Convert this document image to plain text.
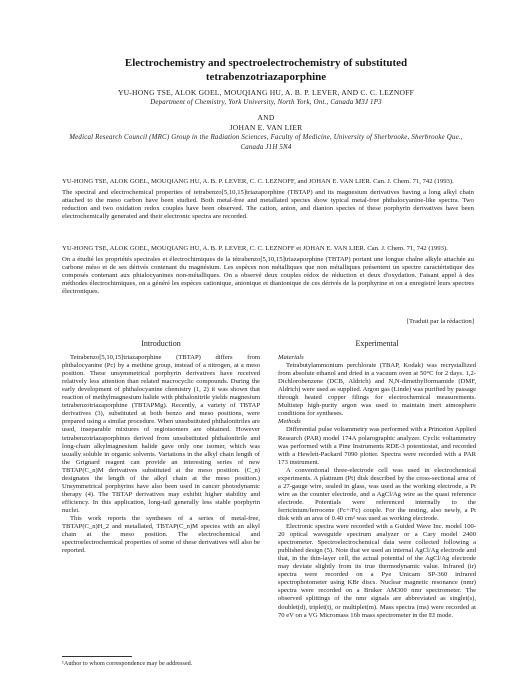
Electrochemistry and spectroelectrochemistry of substituted
tetrabenzotriazaporphine
YU-HONG TSE, ALOK GOEL, MOUQIANG HU, A. B. P. LEVER, AND C. C. LEZNOFF
Department of Chemistry, York University, North York, Ont., Canada M3J 1P3
AND
JOHAN E. VAN LIER
Medical Research Council (MRC) Group in the Radiation Sciences, Faculty of Medicine, University of Sherbrooke, Sherbrooke Que., Canada J1H 5N4

YU-HONG TSE, ALOK GOEL, MOUQIANG HU, A. B. P. LEVER, C. C. LEZNOFF, and JOHAN E. VAN LIER. Can. J. Chem. 71, 742 (1993).

The spectral and electrochemical properties of tetrabenzo[5,10,15]triazaporphine (TBTAP) and its magnesium derivatives having a long alkyl chain attached to the meso carbon have been studied. Both metal-free and metallated species show typical metal-free phthalocyanine-like spectra. Two reduction and two oxidation redox couples have been observed. The cation, anion, and dianion species of these porphyrin derivatives have been electrochemically generated and their electronic spectra are recorded.

YU-HONG TSE, ALOK GOEL, MOUQIANG HU, A. B. P. LEVER, C. C. LEZNOFF et JOHAN E. VAN LIER. Can. J. Chem. 71, 742 (1993).

On a étudié les propriétés spectrales et électrochimiques de la tétrabenzo[5,10,15]triazaporphine (TBTAP) portant une longue chaîne alkyle attachée au carbone méso et de ses dérivés contenant du magnésium. Les espèces non métalliques que non métalliques présentent un spectre caractéristique des composés contenant aux phtalocyanines non-métalliques. On a observé deux couples rédox de réduction et deux d'oxydation. Faisant appel à des méthodes électrochimiques, on a généré les espèces cationique, anionique et dianionique de ces dérivés de la porphyrine et on a enregistré leurs spectres électroniques.

[Traduit par la rédaction]
Introduction

Tetrabenzo[5,10,15]triazaporphine (TBTAP) differs from phthalocyanine (Pc) by a methine group, instead of a nitrogen, at a meso position. These unsymmetrical porphyrin derivatives have received relatively less attention than related macrocyclic compounds. During the early development of phthalocyanine chemistry (1, 2) it was shown that reaction of methylmagnesium halide with phthalonitrile yields magnesium tetrabenzotriazaporphine (TBTAPMg). Recently, a variety of TBTAP derivatives (3), substituted at both benzo and meso positions, were prepared using a similar procedure. When unsubstituted phthalonitriles are used, inseparable mixtures of regioisomers are obtained. However tetrabenzotriazaporphines derived from unsubstituted phthalonitrile and long-chain alkylmagnesium halide gave only one isomer, which was usually soluble in organic solvents. Variations in the alkyl chain length of the Grignard reagent can provide an interesting series of new TBTAP(C_n)M derivatives substituted at the meso position. (C_n) designates the length of the alkyl chain at the meso position.) Unsymmetrical porphyrins have also been used in cancer photodynamic therapy (4). The TBTAP derivatives may exhibit higher stability and efficiency. In this application, long-tail generally less stable porphyrin nuclei.

This work reports the syntheses of a series of metal-free, TBTAP(C_n)H_2 and metallated, TBTAP(C_n)M species with an alkyl chain at the meso position. The electrochemical and spectroelectrochemical properties of some of these derivatives will also be reported.

Experimental
Materials

Tetrabutylammonium perchlorate (TBAP, Kodak) was recrystallized from absolute ethanol and dried in a vacuum oven at 50°C for 2 days. 1,2-Dichlorobenzene (DCB, Aldrich) and N,N-dimethylformamide (DMF, Aldrich) were used as supplied. Argon gas (Linde) was purified by passage through heated copper filings for electrochemical measurements. Multistep high-purity argon was used to maintain inert atmosphere conditions for syntheses.

Methods

Differential pulse voltammetry was performed with a Princeton Applied Research (PAR) model 174A polarographic analyzer. Cyclic voltammetry was performed with a Pine Instruments RDE-3 potentiostat, and recorded with a Hewlett-Packard 7090 plotter. Spectra were recorded with a PAR 173 instrument.

A conventional three-electrode cell was used in electrochemical experiments. A platinum (Pt) disk described by the cross-sectional area of a 27-gauge wire, sealed in glass, was used as the working electrode, a Pt wire as the counter electrode, and a AgCl/Ag wire as the quasi reference electrode. Potentials were referenced internally to the ferricinium/ferrocene (Fc+/Fc) couple. For the testing, also newly, a Pt disk with an area of 0.40 cm² was used as working electrode.

Electronic spectra were recorded with a Guided Wave Inc. model 100-20 optical waveguide spectrum analyzer or a Cary model 2400 spectrometer. Spectroelectrochemical data were collected following a published design (5). Note that we used an internal AgCl/Ag electrode and that, in the thin-layer cell, the actual potential of the AgCl/Ag electrode may deviate slightly from its true thermodynamic value. Infrared (ir) spectra were recorded on a Pye Unicam SP-360 infrared spectrophotometer using KBr discs. Nuclear magnetic resonance (nmr) spectra were recorded on a Bruker AM300 nmr spectrometer. The observed splittings of the nmr signals are abbreviated as singlet(s), doublet(d), triplet(t), or multiplet(m). Mass spectra (ms) were recorded at 70 eV on a VG Micromass 16b mass spectrometer in the EI mode.

¹Author to whom correspondence may be addressed.
